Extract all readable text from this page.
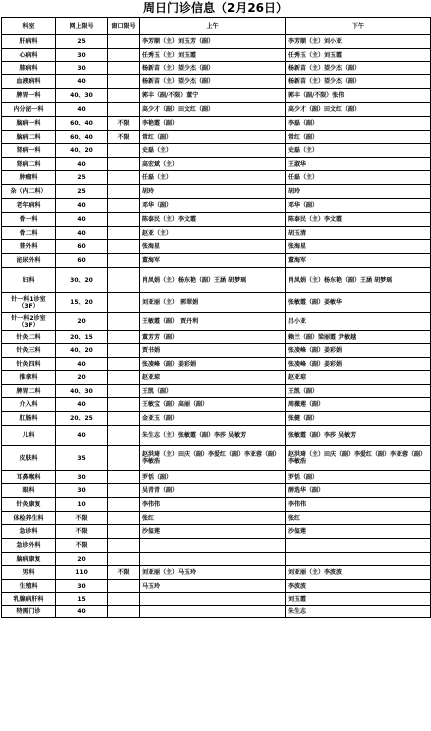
周日门诊信息（2月26日）
科室	网上限号	窗口限号	上午	下午
肝病科	25		李芳顺（主）刘玉芳（副）	李芳顺（主）刘小亚
心病科	30		任秀玉（主）刘玉霞	任秀玉（主）刘玉霞
肺病科	30		杨新苗（主）望少杰（副）	杨新苗（主）望少杰（副）
血液病科	40		杨新苗（主）望少杰（副）	杨新苗（主）望少杰（副）
脾胃一科	40、30		郭丰（副/不限）董宁	郭丰（副/不限）张伟
内分泌一科	40		高少才（副）田文红（副）	高少才（副）田文红（副）
脑病一科	60、40	不限	李艳霞（副）	李磊（副）
脑病二科	60、40	不限	常红（副）	常红（副）
肾病一科	40、20		史磊（主）	史磊（主）
肾病二科	40		高宏斌（主）	王淑华
肿瘤科	25		任磊（主）	任磊（主）
杂（内二科）	25		胡玲	胡玲
老年病科	40		邓华（副）	邓华（副）
骨一科	40		陈泰民（主）李文霞	陈泰民（主）李文霞
骨二科	40		赵亚（主）	胡玉清
普外科	60		张海星	张海星
泌尿外科	60		董海军	董海军
妇科	30、20		肖凤娟（主）杨东艳（副）王涵 胡梦瑶	肖凤娟（主）杨东艳（副）王涵 胡梦瑶
针一科1诊室（3F）	15、20		刘亚丽（主） 郭翠娟	张敏霞（副）姜敏华
针一科2诊室（3F）	20		王敏霞（副） 贾丹利	吕小亚
针灸二科	20、15		董芳芳（副）	赖兰（副）梁丽霞 尹敏越
针灸三科	40、20		贾书娟	张凌峰（副）姜彩娟
针灸四科	40		张凌峰（副）姜彩娟	张凌峰（副）姜彩娟
推拿科	20		赵亚琼	赵亚琼
脾胃二科	40、30		王凯（副）	王凯（副）
介入科	40		王敏宝（副）高丽（副）	周薇莲（副）
肛肠科	20、25		金亚玉（副）	张健（副）
儿科	40		朱生志（主）张敏霞（副）李莎 吴敏芳	张敏霞（副）李莎 吴敏芳
皮肤科	35		赵洪琦（主）田庆（副）李爱红（副）李亚蓉（副）李敏浩	赵洪琦（主）田庆（副）李爱红（副）李亚蓉（副）李敏浩
耳鼻喉科	30		罗恬（副）	罗恬（副）
眼科	30		吴青青（副）	薛选华（副）
针灸康复	10		李伟伟	李伟伟
体检养生科	不限		张红	张红
急诊科	不限		沙玺莲	沙玺莲
急诊外科	不限			
脑病康复	20			
男科	110	不限	刘亚丽（主）马玉玲	刘亚丽（主）李波波
生殖科	30		马玉玲	李波波
乳腺病肝科	15			刘玉霞
特需门诊	40			朱生志
